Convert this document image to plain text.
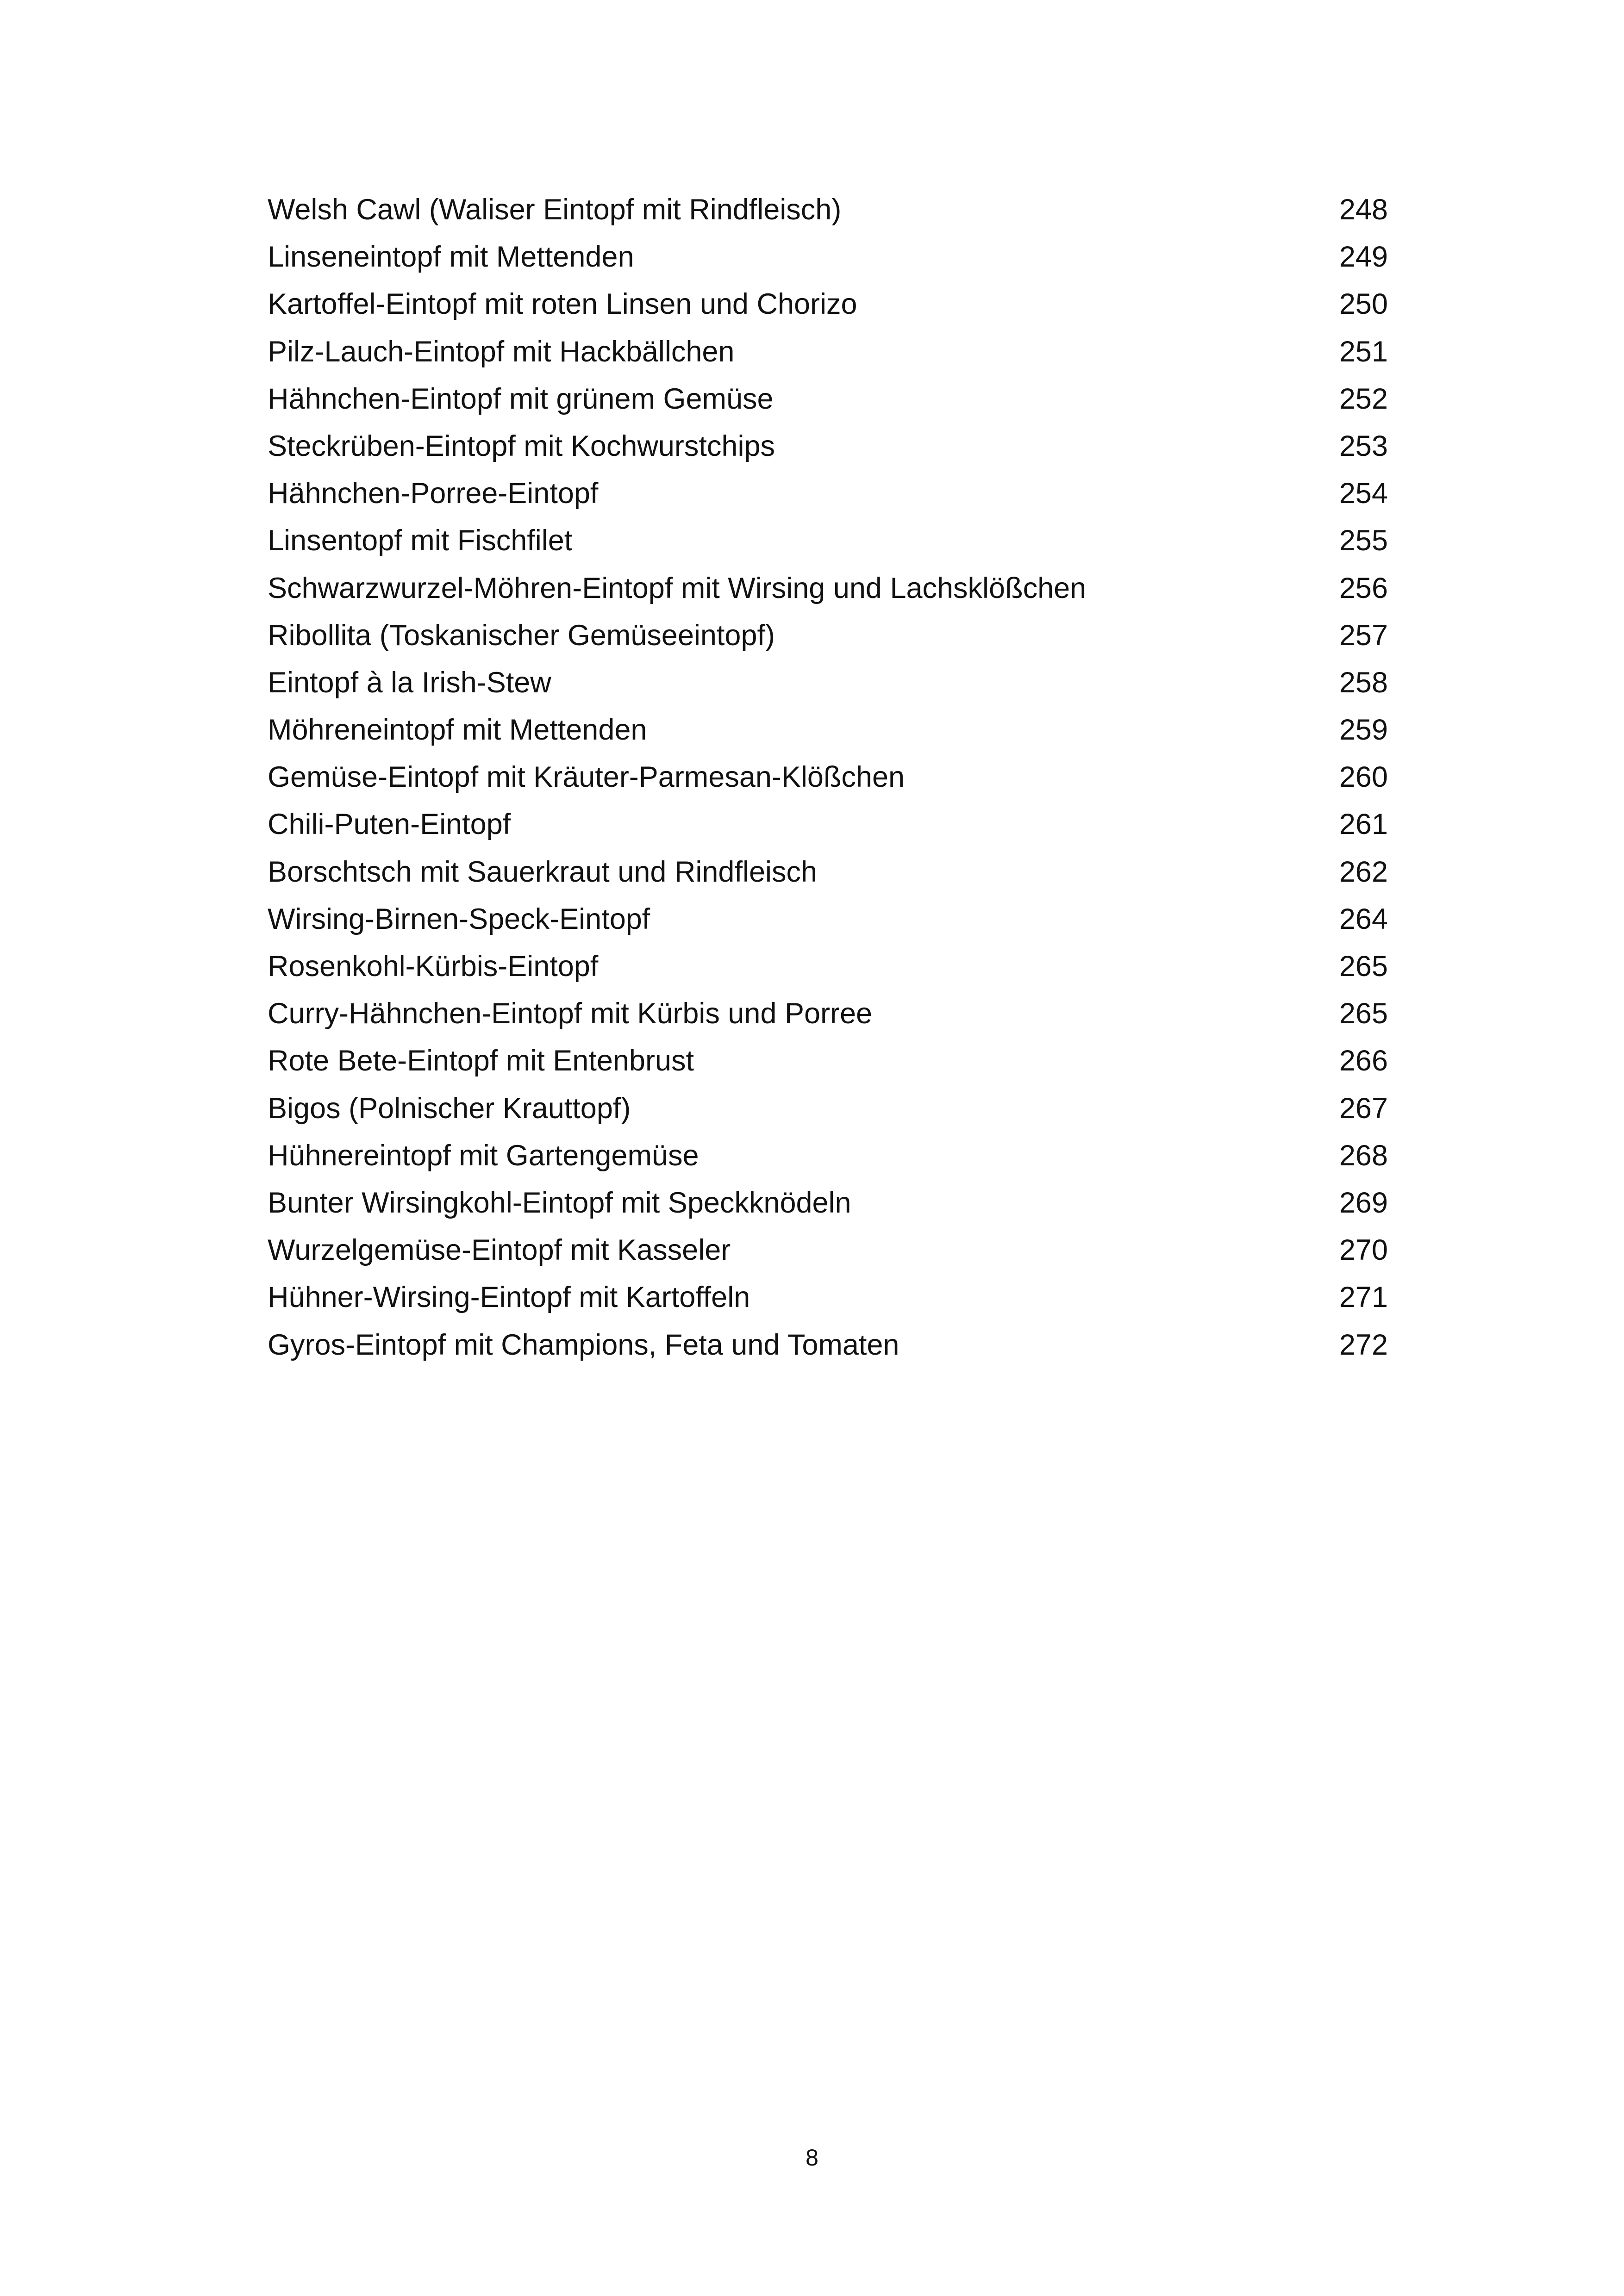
Welsh Cawl (Waliser Eintopf mit Rindfleisch)	248
Linseneintopf mit Mettenden	249
Kartoffel-Eintopf mit roten Linsen und Chorizo	250
Pilz-Lauch-Eintopf mit Hackbällchen	251
Hähnchen-Eintopf mit grünem Gemüse	252
Steckrüben-Eintopf mit Kochwurstchips	253
Hähnchen-Porree-Eintopf	254
Linsentopf mit Fischfilet	255
Schwarzwurzel-Möhren-Eintopf mit Wirsing und Lachsklößchen	256
Ribollita (Toskanischer Gemüseeintopf)	257
Eintopf à la Irish-Stew	258
Möhreneintopf mit Mettenden	259
Gemüse-Eintopf mit Kräuter-Parmesan-Klößchen	260
Chili-Puten-Eintopf	261
Borschtsch mit Sauerkraut und Rindfleisch	262
Wirsing-Birnen-Speck-Eintopf	264
Rosenkohl-Kürbis-Eintopf	265
Curry-Hähnchen-Eintopf mit Kürbis und Porree	265
Rote Bete-Eintopf mit Entenbrust	266
Bigos (Polnischer Krauttopf)	267
Hühnereintopf mit Gartengemüse	268
Bunter Wirsingkohl-Eintopf mit Speckknödeln	269
Wurzelgemüse-Eintopf mit Kasseler	270
Hühner-Wirsing-Eintopf mit Kartoffeln	271
Gyros-Eintopf mit Champions, Feta und Tomaten	272
8
